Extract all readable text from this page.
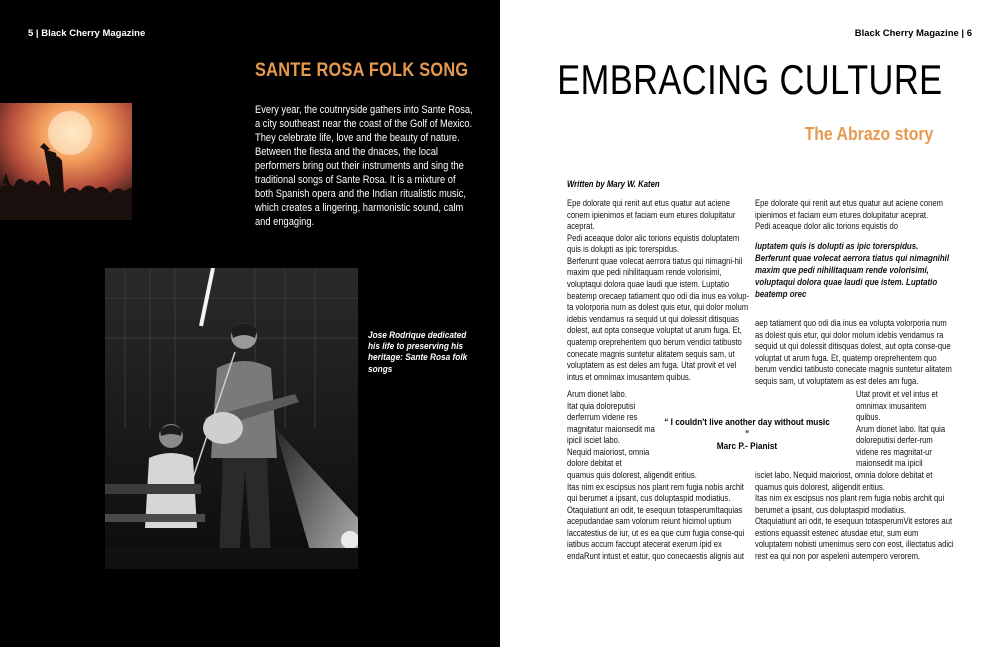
5 | Black Cherry Magazine
SANTE ROSA FOLK SONG
Every year, the coutnryside gathers into Sante Rosa, a city southeast near the coast of the Golf of Mexico. They celebrate life, love and the beauty of nature. Between the fiesta and the dnaces, the local performers bring out their instruments and sing the traditional songs of Sante Rosa. It is a mixture of both Spanish opera and the Indian ritualistic music, which creates a lingering, harmonistic sound, calm and engaging.
Jose Rodrique dedicated his life to preserving his heritage: Sante Rosa folk songs
Black Cherry Magazine | 6
EMBRACING CULTURE
The Abrazo story
Written by Mary W. Katen

Epe dolorate qui renit aut etus quatur aut aciene conem ipienimos et faciam eum etures dolupitatur aceprat.

Pedi aceaque dolor alic torions equistis doluptatem quis is dolupti as ipic torerspidus.

Berferunt quae volecat aerrora tiatus qui nimagni-hil maxim que pedi nihilitaquam rende volorisimi, voluptaqui dolora quae laudi que istem. Luptatio beatemp orecaep tatiament quo odi dia inus ea volup-ta volorporia num as dolest quis etur, qui dolor molum idebis vendamus ra sequid ut qui dolessit ditisquas dolest, aut opta conseque voluptat ut arum fuga. Et, quatemp oreprehentem quo berum vendici tatibusto conecate magnis suntetur alitatem sequis sam, ut voluptatem as est deles am fuga. Utat provit et vel intus et omnimax imusantem quibus.

Arum dionet labo.

Itat quia doloreputisi derferrum videne res magnitatur maionsedit ma ipicil isciet labo.

Nequid maioriost, omnia dolore debitat et

quamus quis dolorest, aligendit eritius.

Itas nim ex escipsus nos plant rem fugia nobis archit qui berumet a ipsant, cus doluptaspid modiatius.

Otaquiatiunt ari odit, te esequun totasperumItaquias acepudandae sam volorum reiunt hicimol uptium laccatestius de iur, ut es ea que cum fugia conse-qui iatibus accum faccupt atecerat exerum ipid ex endaRunt intust et eatur, quo conecaestis alignis aut

“ I couldn't live another day without music ”
Marc P.- Pianist

Epe dolorate qui renit aut etus quatur aut aciene conem ipienimos et faciam eum etures dolupitatur aceprat.

Pedi aceaque dolor alic torions equistis do

luptatem quis is dolupti as ipic torerspidus. Berferunt quae volecat aerrora tiatus qui nimagnihil maxim que pedi nihilitaquam rende volorisimi, voluptaqui dolora quae laudi que istem. Luptatio beatemp orec

aep tatiament quo odi dia inus ea volupta volorporia num as dolest quis etur, qui dolor molum idebis vendamus ra sequid ut qui dolessit ditisquas dolest, aut opta conse-que voluptat ut arum fuga. Et, quatemp oreprehentem quo berum vendici tatibusto conecate magnis suntetur alitatem sequis sam, ut voluptatem as est deles am fuga.

Utat provit et vel intus et omnimax imusantem quibus.

Arum dionet labo. Itat quia doloreputisi derfer-rum videne res magnitat-ur maionsedit ma ipicil

isciet labo. Nequid maioriost, omnia dolore debitat et quamus quis dolorest, aligendit eritius.

Itas nim ex escipsus nos plant rem fugia nobis archit qui berumet a ipsant, cus doluptaspid modiatius.

Otaquiatiunt ari odit, te esequun totasperumVit estores aut estions equassit estenec atusdae etur, sum eum voluptatem nobisti umenimus sero con eost, illectatus adici rest ea qui non por aspeleni autempero verorem.
